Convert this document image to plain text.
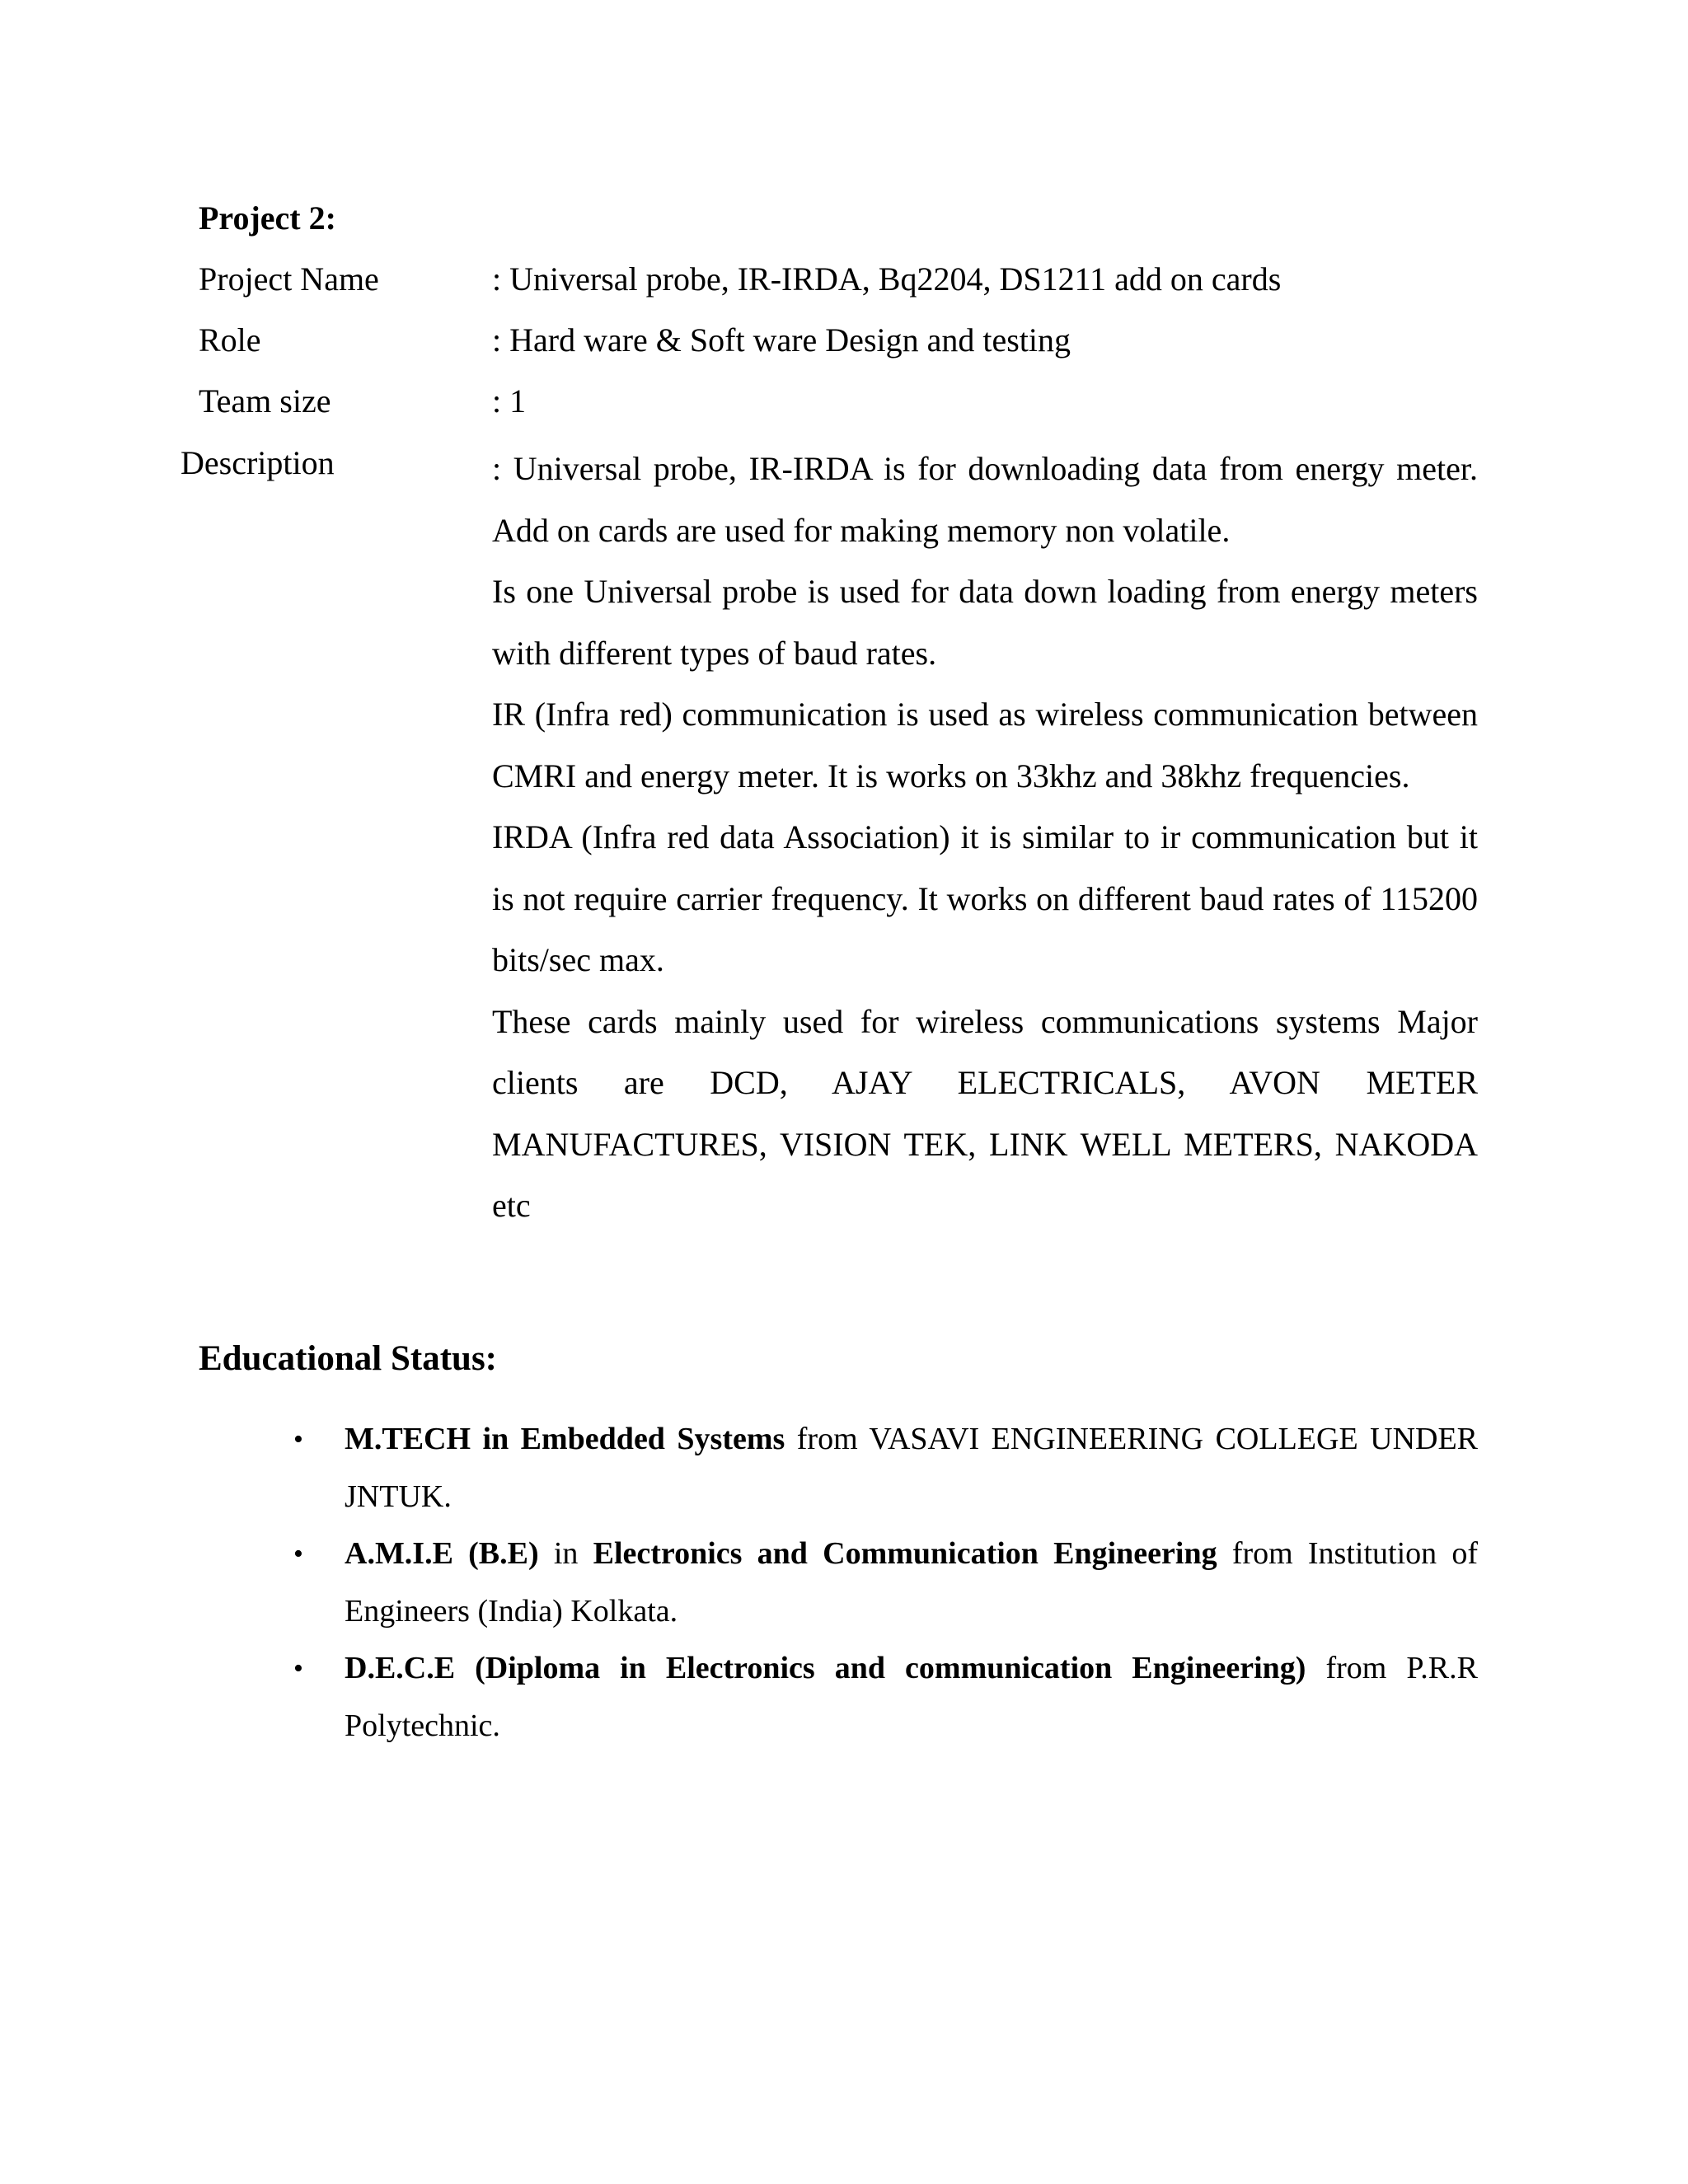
Project 2:
Project Name	: Universal probe, IR-IRDA, Bq2204, DS1211 add on cards
Role	: Hard ware & Soft ware Design and testing
Team size	: 1
Description	: Universal probe, IR-IRDA is for downloading data from energy meter. Add on cards are used for making memory non volatile.

Is one Universal probe is used for data down loading from energy meters with different types of baud rates.

IR (Infra red) communication is used as wireless communication between CMRI and energy meter. It is works on 33khz and 38khz frequencies.

IRDA (Infra red data Association) it is similar to ir communication but it is not require carrier frequency. It works on different baud rates of 115200 bits/sec max.

These cards mainly used for wireless communications systems Major clients are DCD, AJAY ELECTRICALS, AVON METER MANUFACTURES, VISION TEK, LINK WELL METERS, NAKODA etc

Educational Status:
• M.TECH in Embedded Systems from VASAVI ENGINEERING COLLEGE UNDER JNTUK.
• A.M.I.E (B.E) in Electronics and Communication Engineering from Institution of Engineers (India) Kolkata.
• D.E.C.E (Diploma in Electronics and communication Engineering) from P.R.R Polytechnic.
